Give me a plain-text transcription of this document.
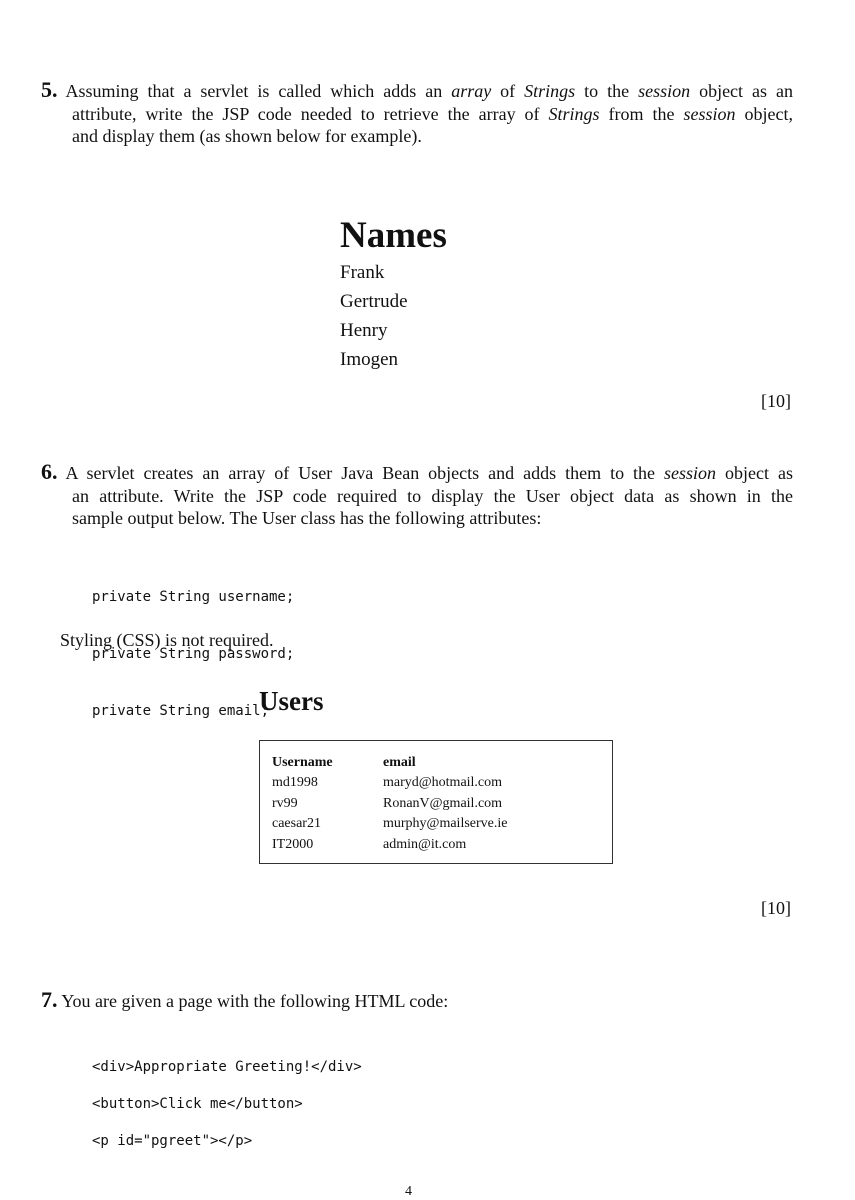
5. Assuming that a servlet is called which adds an array of Strings to the session object as an
attribute, write the JSP code needed to retrieve the array of Strings from the session object,
and display them (as shown below for example).
Names
Frank
Gertrude
Henry
Imogen
[10]
6. A servlet creates an array of User Java Bean objects and adds them to the session object as
an attribute. Write the JSP code required to display the User object data as shown in the
sample output below. The User class has the following attributes:

private String username;

private String password;

private String email;

Styling (CSS) is not required.
Users
Username	email
md1998	maryd@hotmail.com
rv99	RonanV@gmail.com
caesar21	murphy@mailserve.ie
IT2000	admin@it.com
[10]
7. You are given a page with the following HTML code:
<div>Appropriate Greeting!</div>
<button>Click me</button>
<p id="pgreet"></p>
4
